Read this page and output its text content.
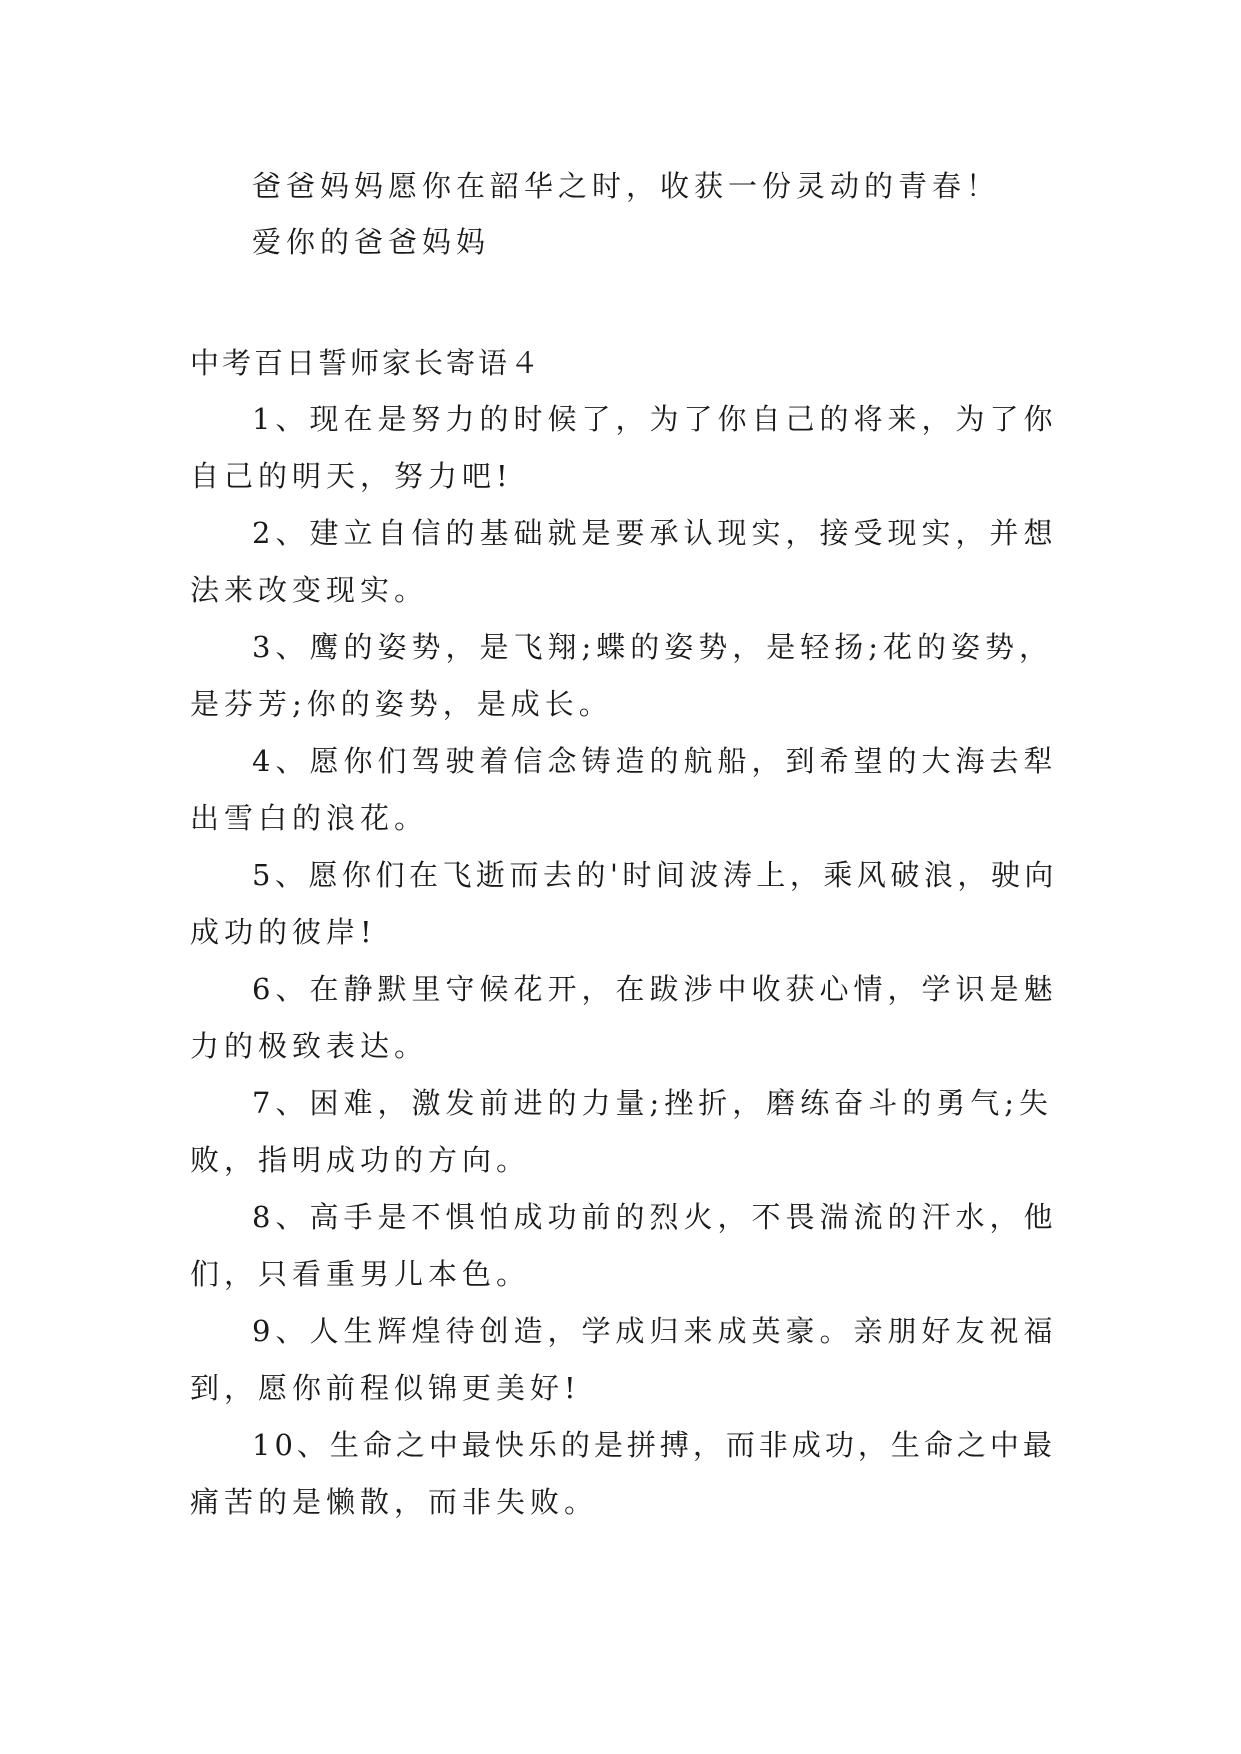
爸爸妈妈愿你在韶华之时，收获一份灵动的青春！
爱你的爸爸妈妈
中考百日誓师家长寄语４
1、现在是努力的时候了，为了你自己的将来，为了你
自己的明天，努力吧!
2、建立自信的基础就是要承认现实，接受现实，并想
法来改变现实。
3、鹰的姿势，是飞翔;蝶的姿势，是轻扬;花的姿势，
是芬芳;你的姿势，是成长。
4、愿你们驾驶着信念铸造的航船，到希望的大海去犁
出雪白的浪花。
5、愿你们在飞逝而去的'时间波涛上，乘风破浪，驶向
成功的彼岸!
6、在静默里守候花开，在跋涉中收获心情，学识是魅
力的极致表达。
7、困难，激发前进的力量;挫折，磨练奋斗的勇气;失
败，指明成功的方向。
8、高手是不惧怕成功前的烈火，不畏湍流的汗水，他
们，只看重男儿本色。
9、人生辉煌待创造，学成归来成英豪。亲朋好友祝福
到，愿你前程似锦更美好!
10、生命之中最快乐的是拼搏，而非成功，生命之中最
痛苦的是懒散，而非失败。
